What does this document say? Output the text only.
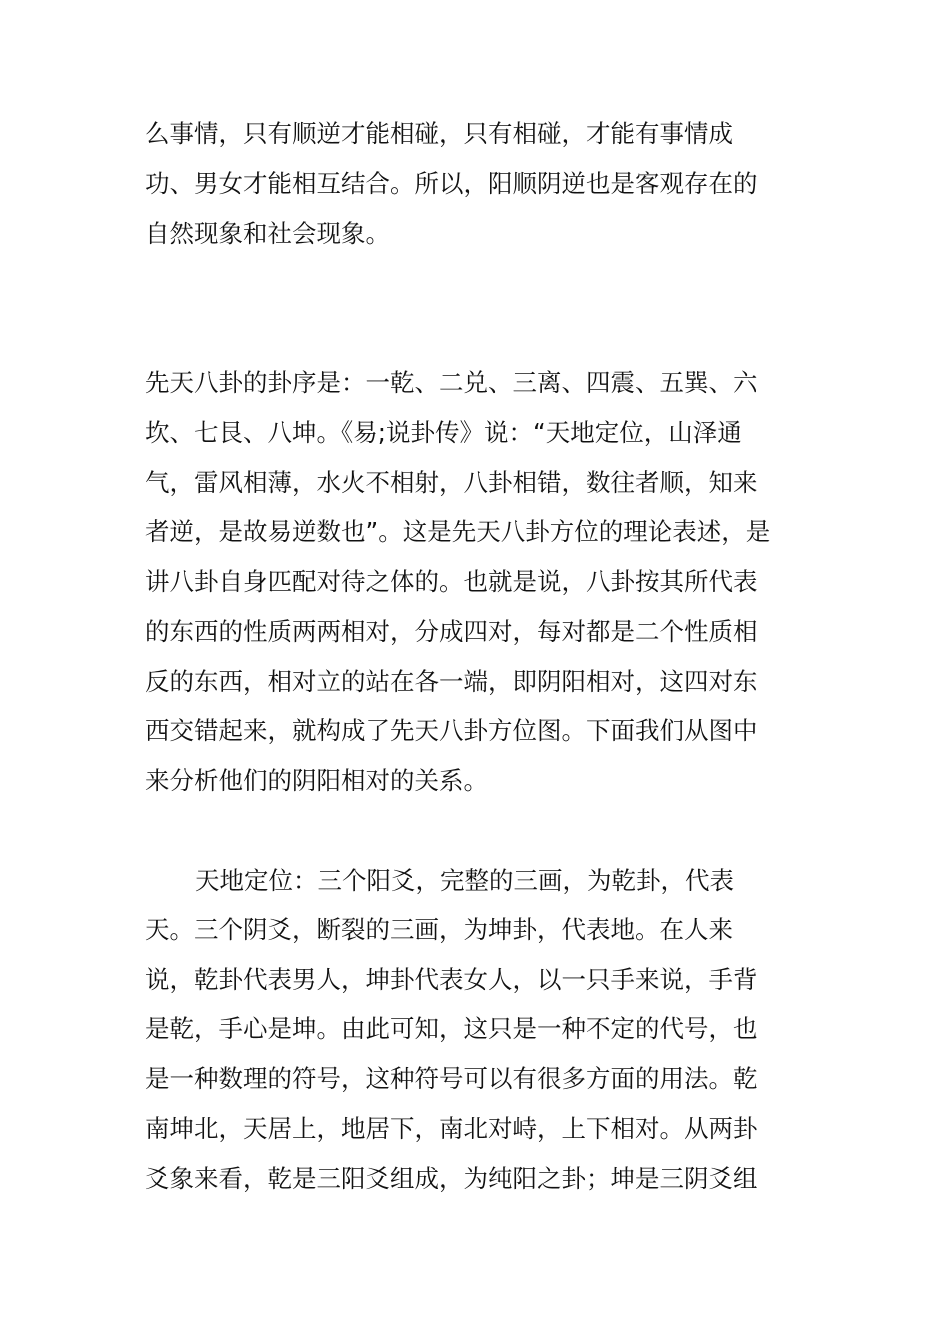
么事情，只有顺逆才能相碰，只有相碰，才能有事情成

功、男女才能相互结合。所以，阳顺阴逆也是客观存在的

自然现象和社会现象。

先天八卦的卦序是：一乾、二兑、三离、四震、五巽、六

坎、七艮、八坤。《易;说卦传》说：“天地定位，山泽通

气，雷风相薄，水火不相射，八卦相错，数往者顺，知来

者逆，是故易逆数也”。这是先天八卦方位的理论表述，是

讲八卦自身匹配对待之体的。也就是说，八卦按其所代表

的东西的性质两两相对，分成四对，每对都是二个性质相

反的东西，相对立的站在各一端，即阴阳相对，这四对东

西交错起来，就构成了先天八卦方位图。下面我们从图中

来分析他们的阴阳相对的关系。

天地定位：三个阳爻，完整的三画，为乾卦，代表

天。三个阴爻，断裂的三画，为坤卦，代表地。在人来

说，乾卦代表男人，坤卦代表女人，以一只手来说，手背

是乾，手心是坤。由此可知，这只是一种不定的代号，也

是一种数理的符号，这种符号可以有很多方面的用法。乾

南坤北，天居上，地居下，南北对峙，上下相对。从两卦

爻象来看，乾是三阳爻组成，为纯阳之卦；坤是三阴爻组
